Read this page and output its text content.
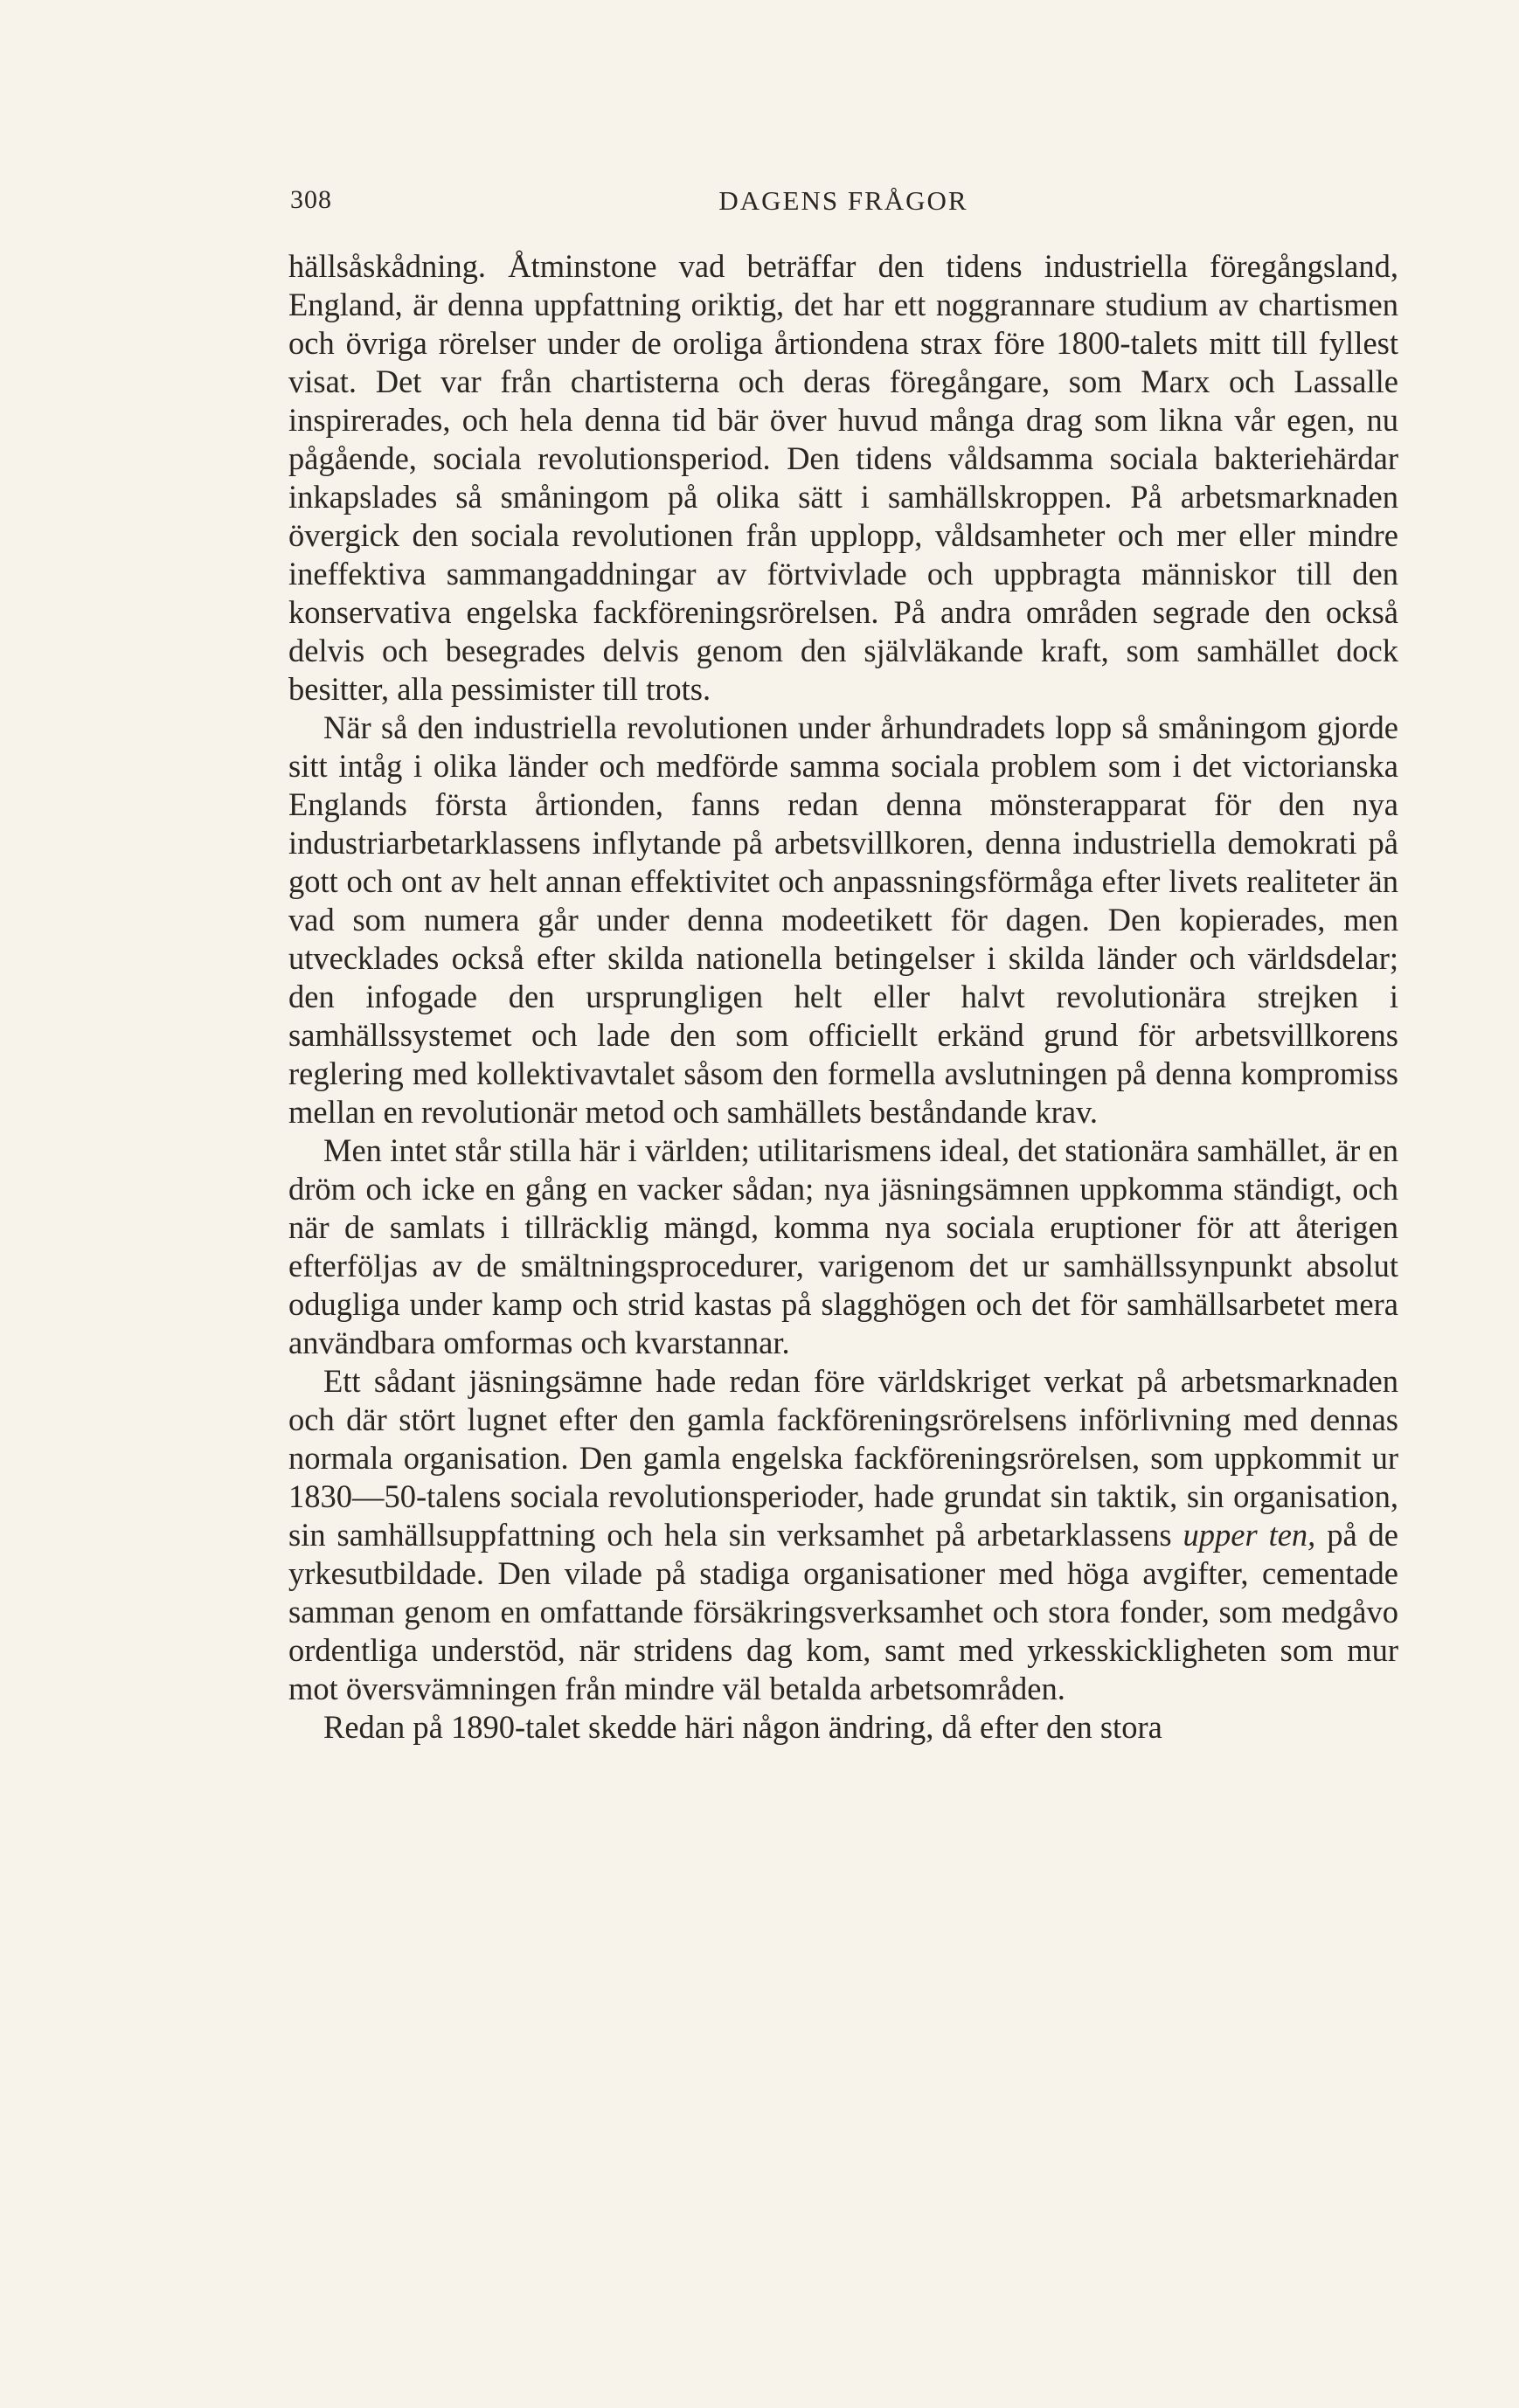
308	DAGENS FRÅGOR

hällsåskådning. Åtminstone vad beträffar den tidens industriella föregångsland, England, är denna uppfattning oriktig, det har ett noggrannare studium av chartismen och övriga rörelser under de oroliga årtiondena strax före 1800-talets mitt till fyllest visat. Det var från chartisterna och deras föregångare, som Marx och Lassalle inspirerades, och hela denna tid bär över huvud många drag som likna vår egen, nu pågående, sociala revolutionsperiod. Den tidens våldsamma sociala bakteriehärdar inkapslades så småningom på olika sätt i samhällskroppen. På arbetsmarknaden övergick den sociala revolutionen från upplopp, våldsamheter och mer eller mindre ineffektiva sammangaddningar av förtvivlade och uppbragta människor till den konservativa engelska fackföreningsrörelsen. På andra områden segrade den också delvis och besegrades delvis genom den självläkande kraft, som samhället dock besitter, alla pessimister till trots.

När så den industriella revolutionen under århundradets lopp så småningom gjorde sitt intåg i olika länder och medförde samma sociala problem som i det victorianska Englands första årtionden, fanns redan denna mönsterapparat för den nya industriarbetarklassens inflytande på arbetsvillkoren, denna industriella demokrati på gott och ont av helt annan effektivitet och anpassningsförmåga efter livets realiteter än vad som numera går under denna modeetikett för dagen. Den kopierades, men utvecklades också efter skilda nationella betingelser i skilda länder och världsdelar; den infogade den ursprungligen helt eller halvt revolutionära strejken i samhällssystemet och lade den som officiellt erkänd grund för arbetsvillkorens reglering med kollektivavtalet såsom den formella avslutningen på denna kompromiss mellan en revolutionär metod och samhällets beståndande krav.

Men intet står stilla här i världen; utilitarismens ideal, det stationära samhället, är en dröm och icke en gång en vacker sådan; nya jäsningsämnen uppkomma ständigt, och när de samlats i tillräcklig mängd, komma nya sociala eruptioner för att återigen efterföljas av de smältningsprocedurer, varigenom det ur samhällssynpunkt absolut odugliga under kamp och strid kastas på slagghögen och det för samhällsarbetet mera användbara omformas och kvarstannar.

Ett sådant jäsningsämne hade redan före världskriget verkat på arbetsmarknaden och där stört lugnet efter den gamla fackföreningsrörelsens införlivning med dennas normala organisation. Den gamla engelska fackföreningsrörelsen, som uppkommit ur 1830—50-talens sociala revolutionsperioder, hade grundat sin taktik, sin organisation, sin samhällsuppfattning och hela sin verksamhet på arbetarklassens upper ten, på de yrkesutbildade. Den vilade på stadiga organisationer med höga avgifter, cementade samman genom en omfattande försäkringsverksamhet och stora fonder, som medgåvo ordentliga understöd, när stridens dag kom, samt med yrkesskickligheten som mur mot översvämningen från mindre väl betalda arbetsområden.

Redan på 1890-talet skedde häri någon ändring, då efter den stora
